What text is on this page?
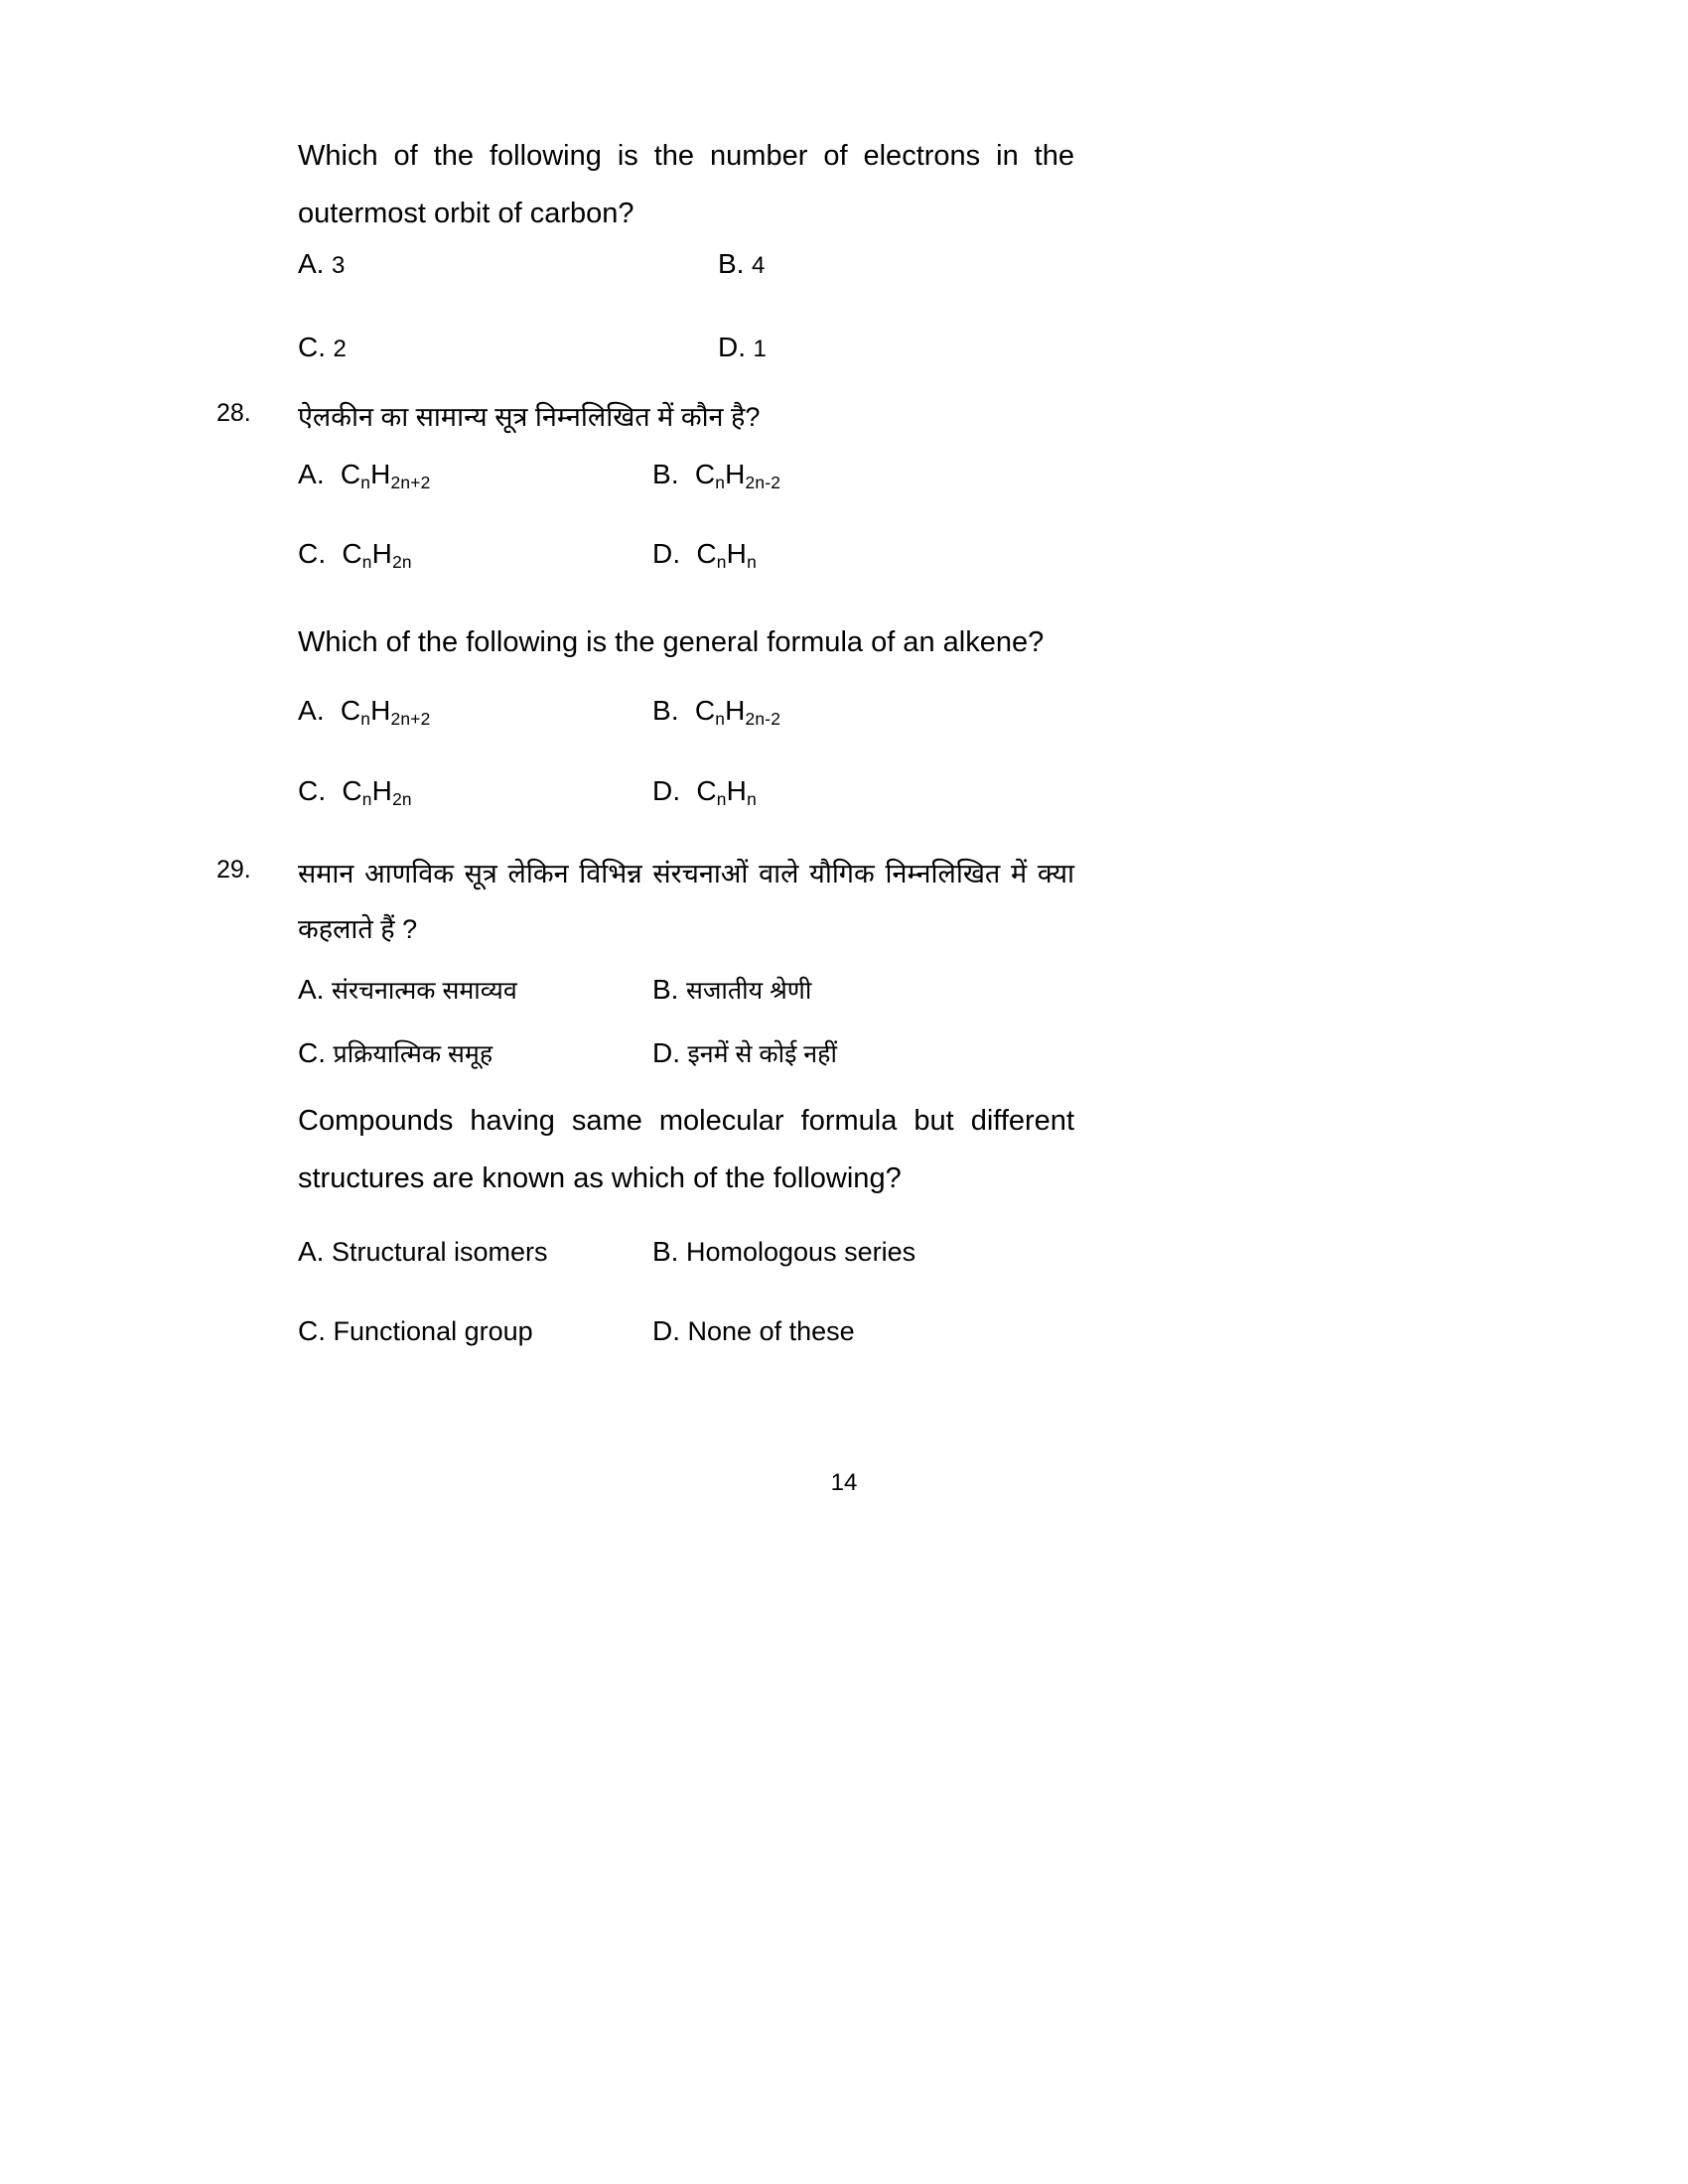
Which of the following is the number of electrons in the outermost orbit of carbon?
A. 3	B. 4
C. 2	D. 1
28.	ऐलकीन का सामान्य सूत्र निम्नलिखित में कौन है?
A. $C_nH_{2n+2}$	B. $C_nH_{2n-2}$
C. $C_nH_{2n}$	D. $C_nH_n$
Which of the following is the general formula of an alkene?
A. $C_nH_{2n+2}$	B. $C_nH_{2n-2}$
C. $C_nH_{2n}$	D. $C_nH_n$
29.	समान आणविक सूत्र लेकिन विभिन्न संरचनाओं वाले यौगिक निम्नलिखित में क्या कहलाते हैं ?
A. संरचनात्मक समाव्यव	B. सजातीय श्रेणी
C. प्रक्रियात्मिक समूह	D. इनमें से कोई नहीं
Compounds having same molecular formula but different structures are known as which of the following?
A. Structural isomers	B. Homologous series
C. Functional group	D. None of these
14
